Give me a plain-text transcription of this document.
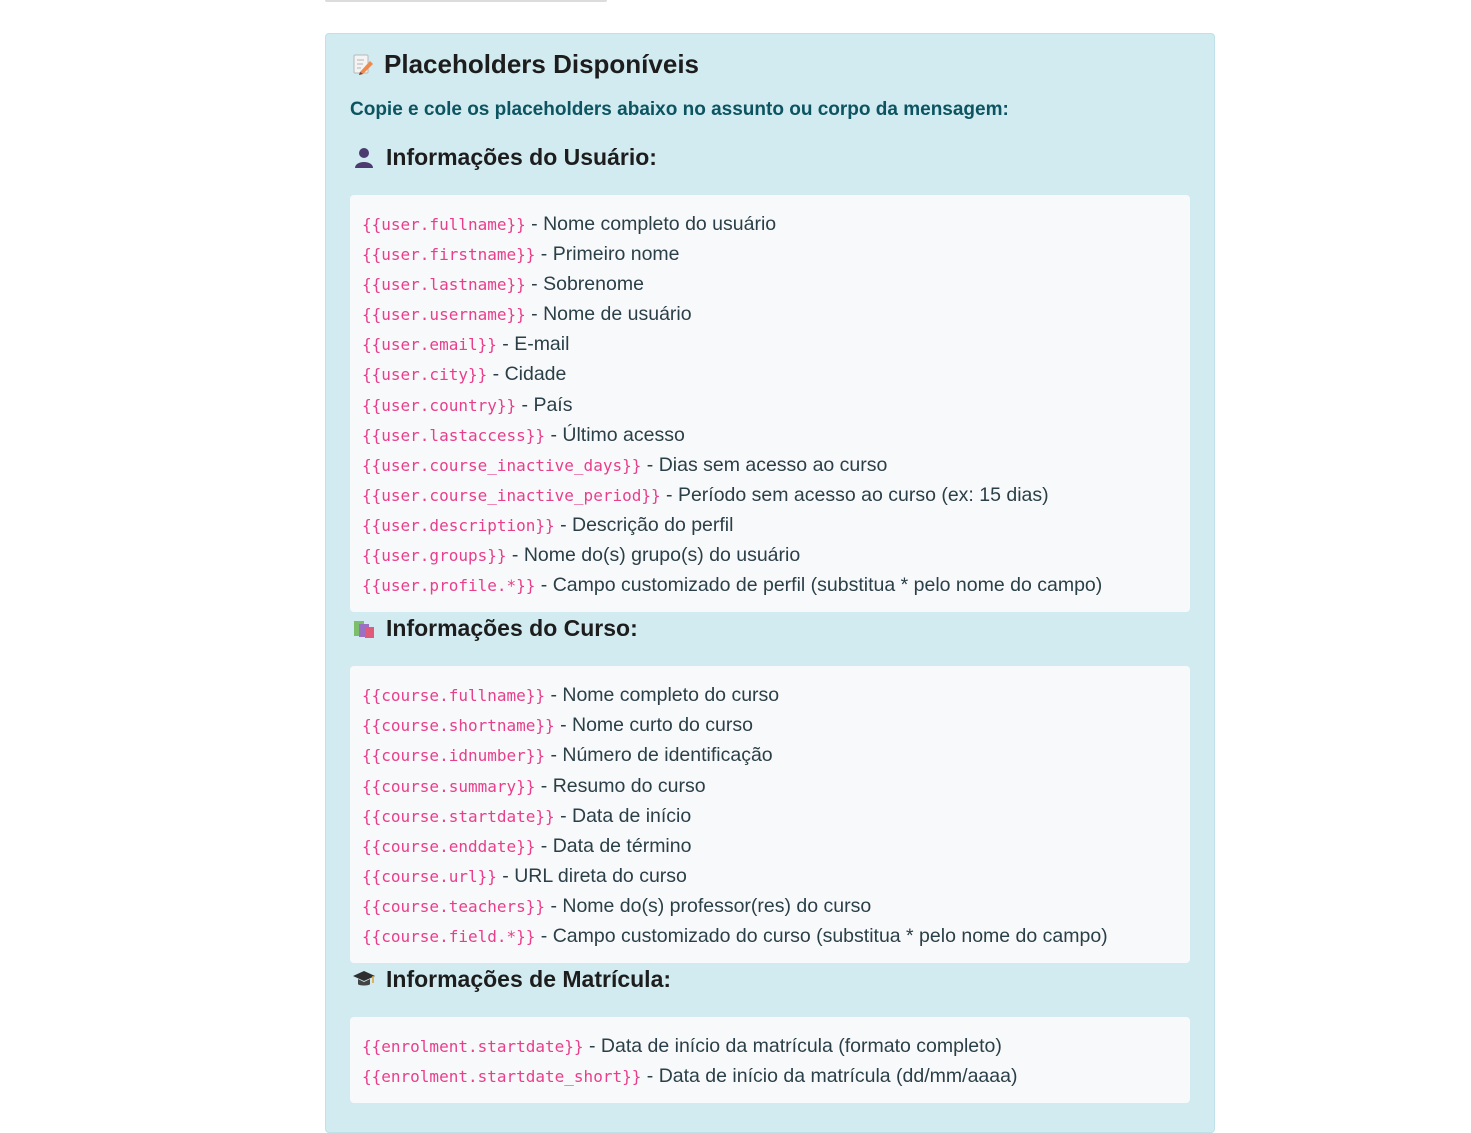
Placeholders Disponíveis

Copie e cole os placeholders abaixo no assunto ou corpo da mensagem:

Informações do Usuário:
{{user.fullname}} - Nome completo do usuário
{{user.firstname}} - Primeiro nome
{{user.lastname}} - Sobrenome
{{user.username}} - Nome de usuário
{{user.email}} - E-mail
{{user.city}} - Cidade
{{user.country}} - País
{{user.lastaccess}} - Último acesso
{{user.course_inactive_days}} - Dias sem acesso ao curso
{{user.course_inactive_period}} - Período sem acesso ao curso (ex: 15 dias)
{{user.description}} - Descrição do perfil
{{user.groups}} - Nome do(s) grupo(s) do usuário
{{user.profile.*}} - Campo customizado de perfil (substitua * pelo nome do campo)
Informações do Curso:
{{course.fullname}} - Nome completo do curso
{{course.shortname}} - Nome curto do curso
{{course.idnumber}} - Número de identificação
{{course.summary}} - Resumo do curso
{{course.startdate}} - Data de início
{{course.enddate}} - Data de término
{{course.url}} - URL direta do curso
{{course.teachers}} - Nome do(s) professor(res) do curso
{{course.field.*}} - Campo customizado do curso (substitua * pelo nome do campo)
Informações de Matrícula:
{{enrolment.startdate}} - Data de início da matrícula (formato completo)
{{enrolment.startdate_short}} - Data de início da matrícula (dd/mm/aaaa)
